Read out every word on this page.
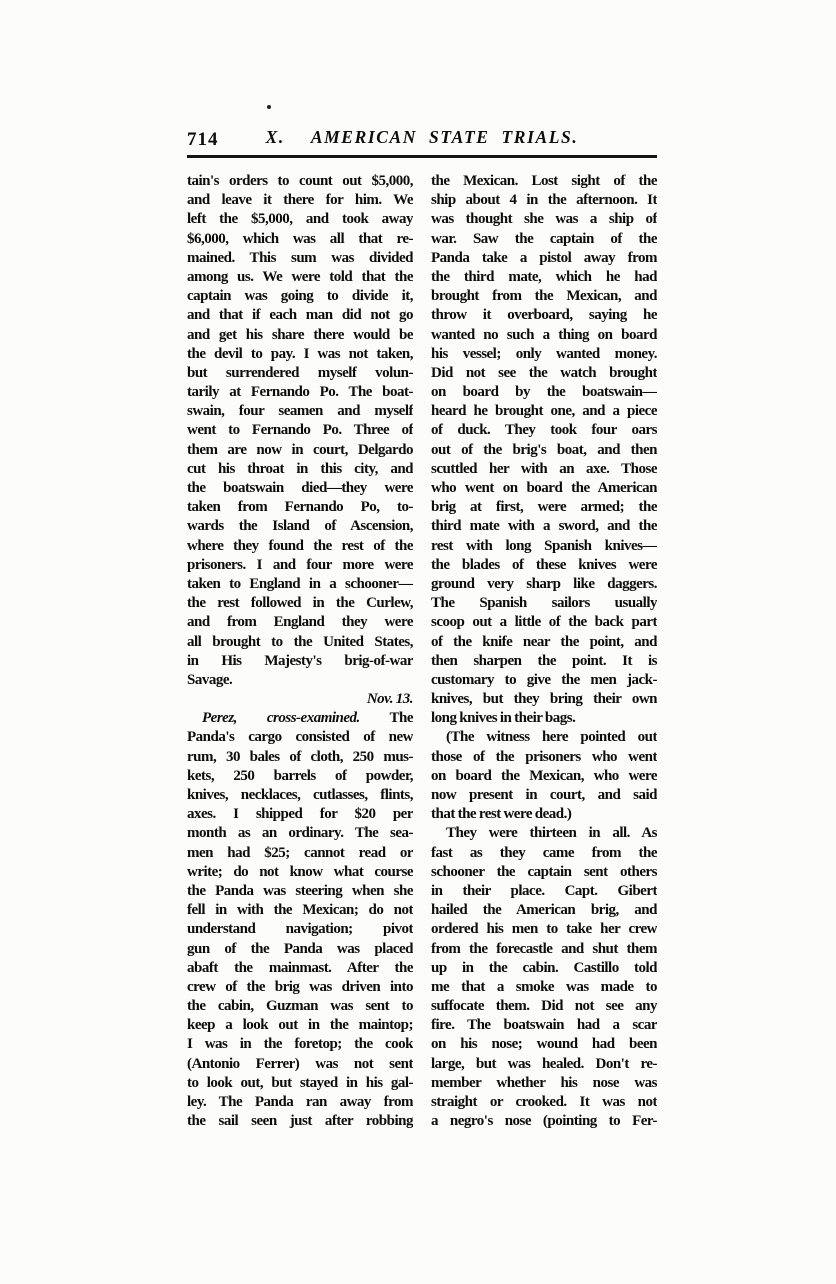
714	X. AMERICAN STATE TRIALS.
tain's orders to count out $5,000,
and leave it there for him. We
left the $5,000, and took away
$6,000, which was all that re-
mained. This sum was divided
among us. We were told that the
captain was going to divide it,
and that if each man did not go
and get his share there would be
the devil to pay. I was not taken,
but surrendered myself volun-
tarily at Fernando Po. The boat-
swain, four seamen and myself
went to Fernando Po. Three of
them are now in court, Delgardo
cut his throat in this city, and
the boatswain died—they were
taken from Fernando Po, to-
wards the Island of Ascension,
where they found the rest of the
prisoners. I and four more were
taken to England in a schooner—
the rest followed in the Curlew,
and from England they were
all brought to the United States,
in His Majesty's brig-of-war
Savage.
Nov. 13.
Perez, cross-examined. The
Panda's cargo consisted of new
rum, 30 bales of cloth, 250 mus-
kets, 250 barrels of powder,
knives, necklaces, cutlasses, flints,
axes. I shipped for $20 per
month as an ordinary. The sea-
men had $25; cannot read or
write; do not know what course
the Panda was steering when she
fell in with the Mexican; do not
understand navigation; pivot
gun of the Panda was placed
abaft the mainmast. After the
crew of the brig was driven into
the cabin, Guzman was sent to
keep a look out in the maintop;
I was in the foretop; the cook
(Antonio Ferrer) was not sent
to look out, but stayed in his gal-
ley. The Panda ran away from
the sail seen just after robbing
the Mexican. Lost sight of the
ship about 4 in the afternoon. It
was thought she was a ship of
war. Saw the captain of the
Panda take a pistol away from
the third mate, which he had
brought from the Mexican, and
throw it overboard, saying he
wanted no such a thing on board
his vessel; only wanted money.
Did not see the watch brought
on board by the boatswain—
heard he brought one, and a piece
of duck. They took four oars
out of the brig's boat, and then
scuttled her with an axe. Those
who went on board the American
brig at first, were armed; the
third mate with a sword, and the
rest with long Spanish knives—
the blades of these knives were
ground very sharp like daggers.
The Spanish sailors usually
scoop out a little of the back part
of the knife near the point, and
then sharpen the point. It is
customary to give the men jack-
knives, but they bring their own
long knives in their bags.
(The witness here pointed out
those of the prisoners who went
on board the Mexican, who were
now present in court, and said
that the rest were dead.)
They were thirteen in all. As
fast as they came from the
schooner the captain sent others
in their place. Capt. Gibert
hailed the American brig, and
ordered his men to take her crew
from the forecastle and shut them
up in the cabin. Castillo told
me that a smoke was made to
suffocate them. Did not see any
fire. The boatswain had a scar
on his nose; wound had been
large, but was healed. Don't re-
member whether his nose was
straight or crooked. It was not
a negro's nose (pointing to Fer-
